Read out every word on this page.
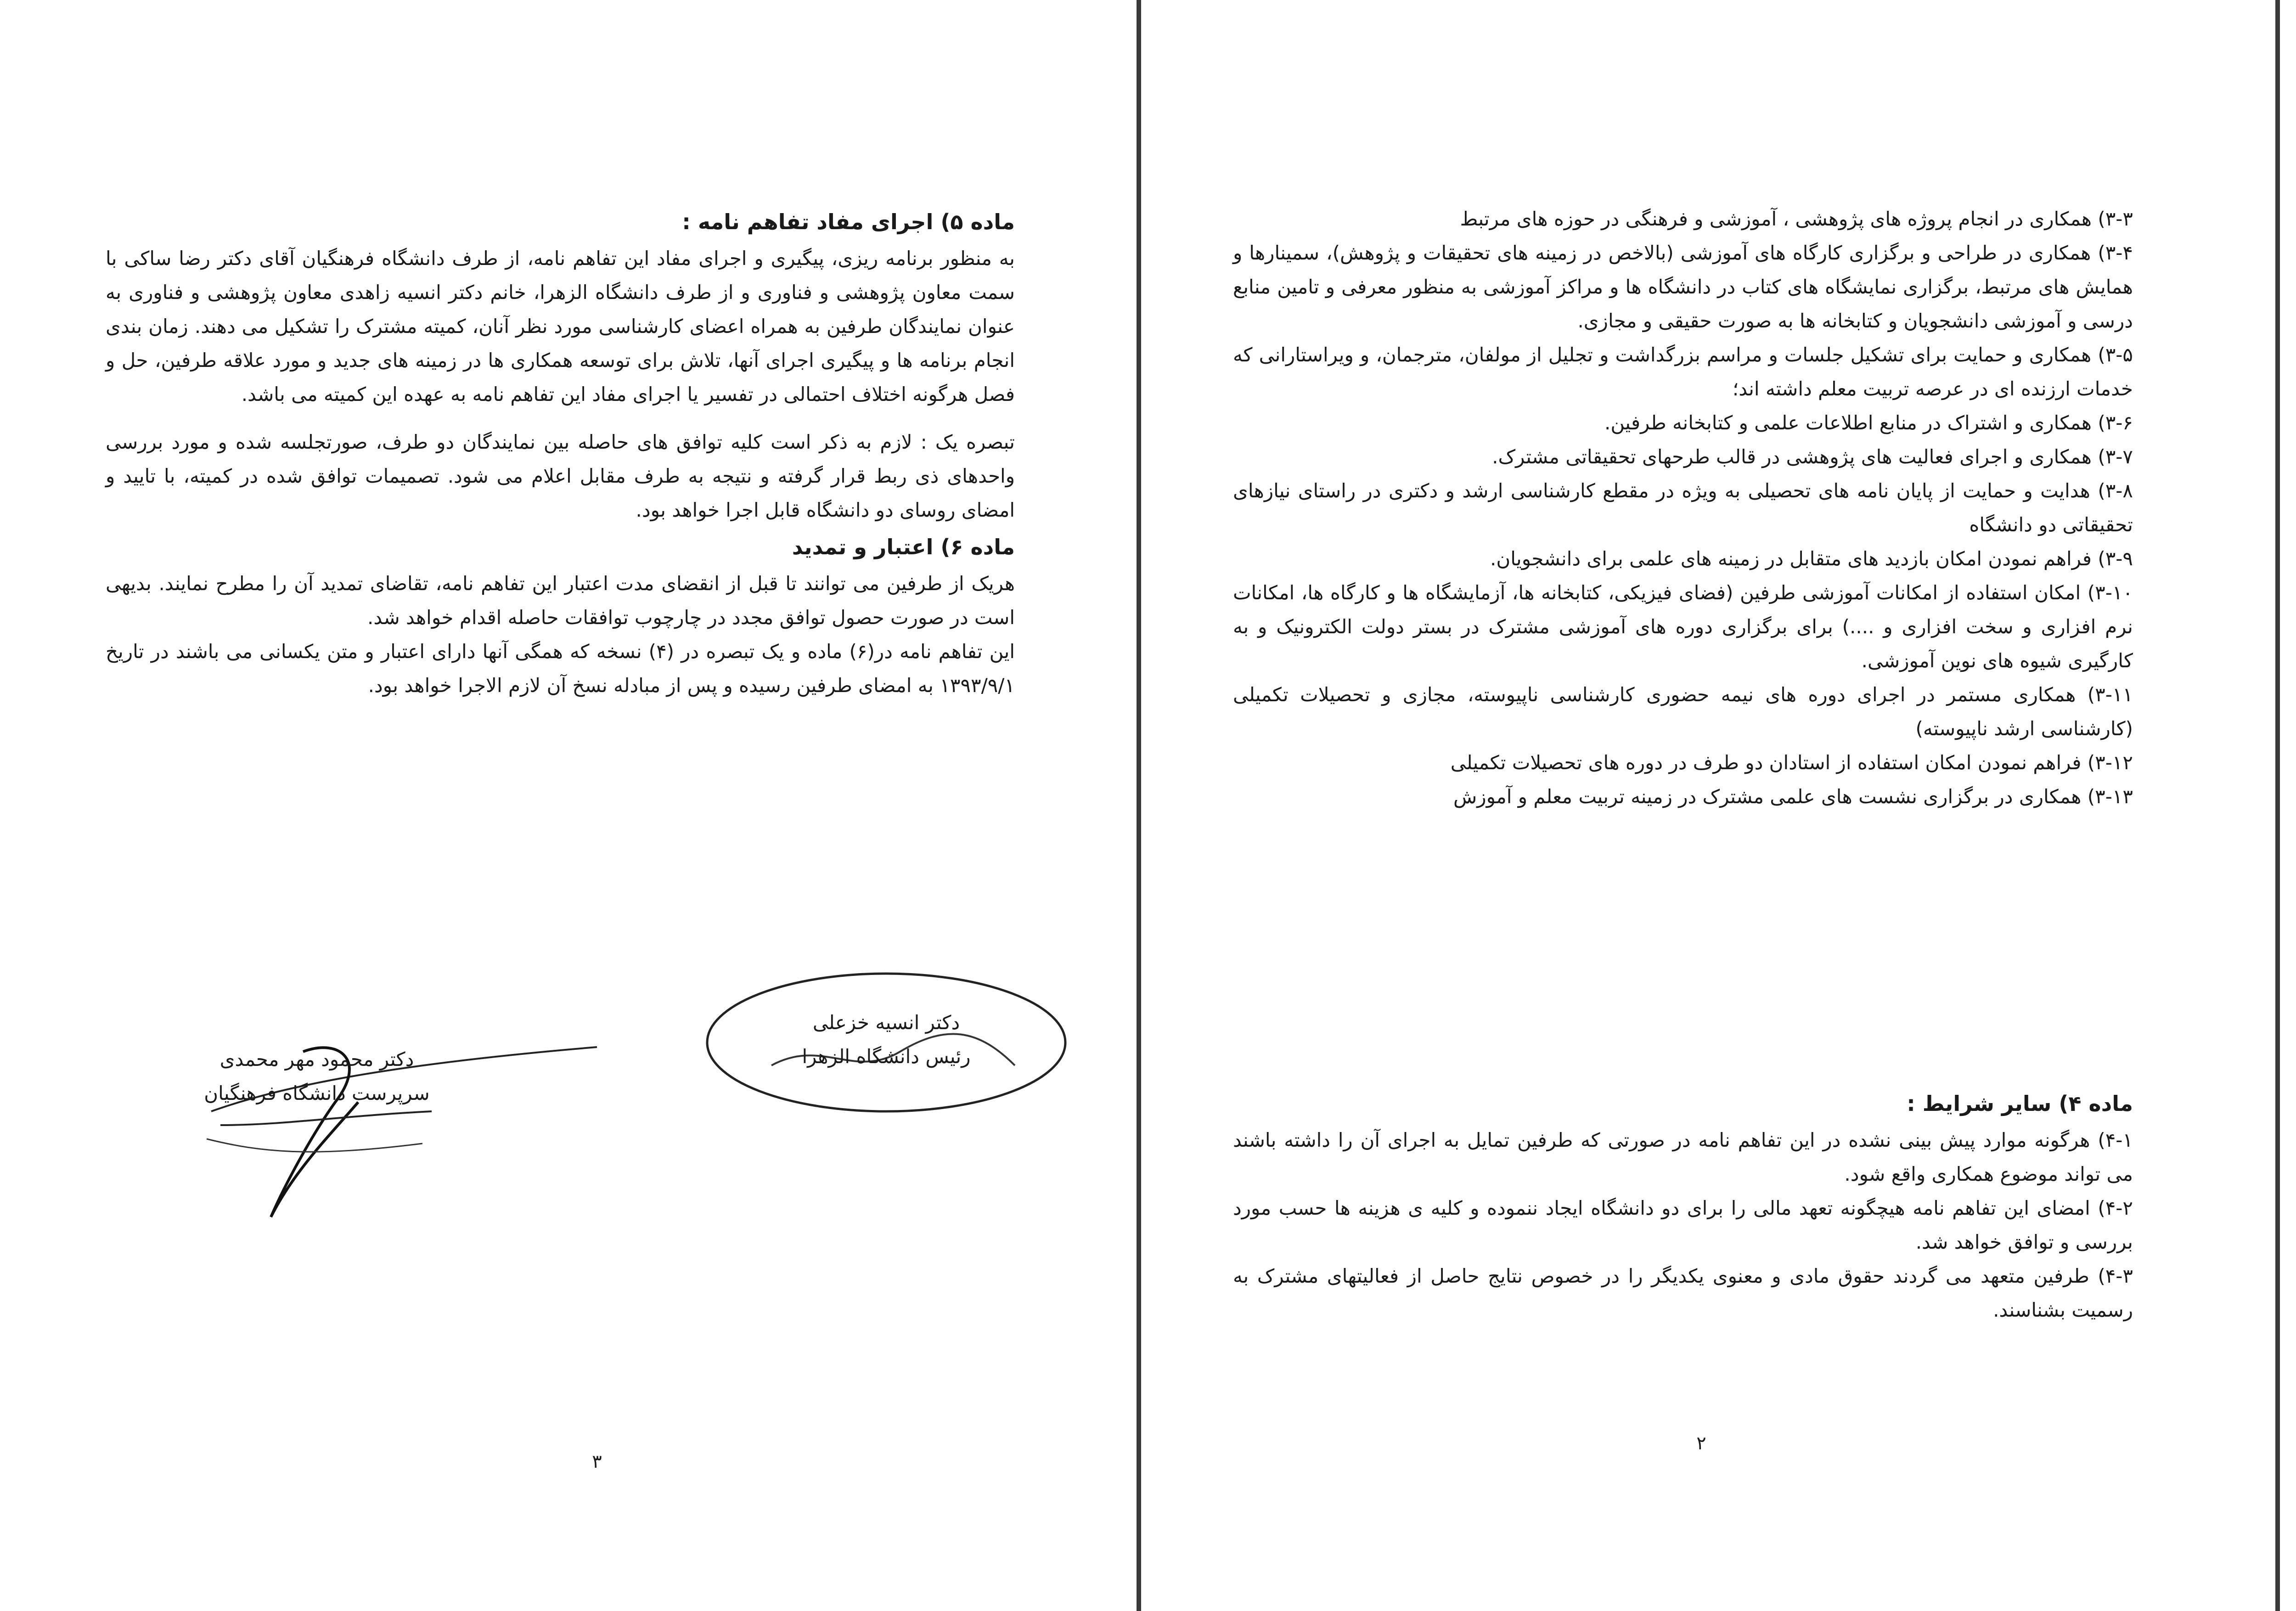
ماده ۵) اجرای مفاد تفاهم نامه :

به منظور برنامه ریزی، پیگیری و اجرای مفاد این تفاهم نامه، از طرف دانشگاه فرهنگیان آقای دکتر رضا ساکی با سمت معاون پژوهشی و فناوری و از طرف دانشگاه الزهرا، خانم دکتر انسیه زاهدی معاون پژوهشی و فناوری به عنوان نمایندگان طرفین به همراه اعضای کارشناسی مورد نظر آنان، کمیته مشترک را تشکیل می دهند. زمان بندی انجام برنامه ها و پیگیری اجرای آنها، تلاش برای توسعه همکاری ها در زمینه های جدید و مورد علاقه طرفین، حل و فصل هرگونه اختلاف احتمالی در تفسیر یا اجرای مفاد این تفاهم نامه به عهده این کمیته می باشد.

تبصره یک : لازم به ذکر است کلیه توافق های حاصله بین نمایندگان دو طرف، صورتجلسه شده و مورد بررسی واحدهای ذی ربط قرار گرفته و نتیجه به طرف مقابل اعلام می شود. تصمیمات توافق شده در کمیته، با تایید و امضای روسای دو دانشگاه قابل اجرا خواهد بود.

ماده ۶) اعتبار و تمدید

هریک از طرفین می توانند تا قبل از انقضای مدت اعتبار این تفاهم نامه، تقاضای تمدید آن را مطرح نمایند. بدیهی است در صورت حصول توافق مجدد در چارچوب توافقات حاصله اقدام خواهد شد.

این تفاهم نامه در(۶) ماده و یک تبصره در (۴) نسخه که همگی آنها دارای اعتبار و متن یکسانی می باشند در تاریخ ۱۳۹۳/۹/۱ به امضای طرفین رسیده و پس از مبادله نسخ آن لازم الاجرا خواهد بود.

دکتر انسیه خزعلی
رئیس دانشگاه الزهرا
دکتر محمود مهر محمدی
سرپرست دانشگاه فرهنگیان
۳

۳-۳) همکاری در انجام پروژه های پژوهشی ، آموزشی و فرهنگی در حوزه های مرتبط

۳-۴) همکاری در طراحی و برگزاری کارگاه های آموزشی (بالاخص در زمینه های تحقیقات و پژوهش)، سمینارها و همایش های مرتبط، برگزاری نمایشگاه های کتاب در دانشگاه ها و مراکز آموزشی به منظور معرفی و تامین منابع درسی و آموزشی دانشجویان و کتابخانه ها به صورت حقیقی و مجازی.

۳-۵) همکاری و حمایت برای تشکیل جلسات و مراسم بزرگداشت و تجلیل از مولفان، مترجمان، و ویراستارانی که خدمات ارزنده ای در عرصه تربیت معلم داشته اند؛

۳-۶) همکاری و اشتراک در منابع اطلاعات علمی و کتابخانه طرفین.

۳-۷) همکاری و اجرای فعالیت های پژوهشی در قالب طرحهای تحقیقاتی مشترک.

۳-۸) هدایت و حمایت از پایان نامه های تحصیلی به ویژه در مقطع کارشناسی ارشد و دکتری در راستای نیازهای تحقیقاتی دو دانشگاه

۳-۹) فراهم نمودن امکان بازدید های متقابل در زمینه های علمی برای دانشجویان.

۳-۱۰) امکان استفاده از امکانات آموزشی طرفین (فضای فیزیکی، کتابخانه ها، آزمایشگاه ها و کارگاه ها، امکانات نرم افزاری و سخت افزاری و ....) برای برگزاری دوره های آموزشی مشترک در بستر دولت الکترونیک و به کارگیری شیوه های نوین آموزشی.

۳-۱۱) همکاری مستمر در اجرای دوره های نیمه حضوری کارشناسی ناپیوسته، مجازی و تحصیلات تکمیلی (کارشناسی ارشد ناپیوسته)

۳-۱۲) فراهم نمودن امکان استفاده از استادان دو طرف در دوره های تحصیلات تکمیلی

۳-۱۳) همکاری در برگزاری نشست های علمی مشترک در زمینه تربیت معلم و آموزش

ماده ۴) سایر شرایط :

۴-۱) هرگونه موارد پیش بینی نشده در این تفاهم نامه در صورتی که طرفین تمایل به اجرای آن را داشته باشند می تواند موضوع همکاری واقع شود.

۴-۲) امضای این تفاهم نامه هیچگونه تعهد مالی را برای دو دانشگاه ایجاد ننموده و کلیه ی هزینه ها حسب مورد بررسی و توافق خواهد شد.

۴-۳) طرفین متعهد می گردند حقوق مادی و معنوی یکدیگر را در خصوص نتایج حاصل از فعالیتهای مشترک به رسمیت بشناسند.

۲
